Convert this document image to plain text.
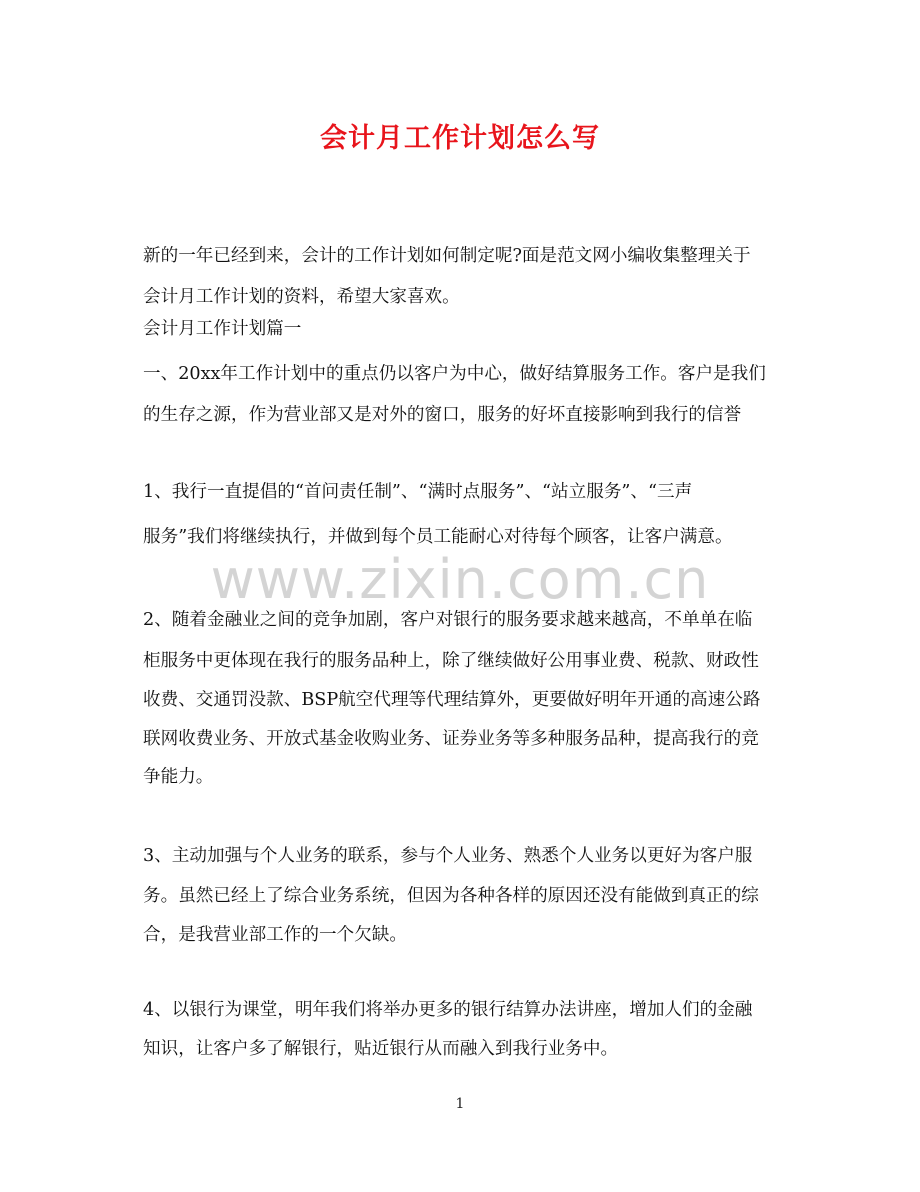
会计月工作计划怎么写
新的一年已经到来，会计的工作计划如何制定呢?面是范文网小编收集整理关于
会计月工作计划的资料，希望大家喜欢。
会计月工作计划篇一
一、20xx年工作计划中的重点仍以客户为中心，做好结算服务工作。客户是我们
的生存之源，作为营业部又是对外的窗口，服务的好坏直接影响到我行的信誉
1、我行一直提倡的“首问责任制”、“满时点服务”、“站立服务”、“三声
服务”我们将继续执行，并做到每个员工能耐心对待每个顾客，让客户满意。
www.zixin.com.cn
2、随着金融业之间的竞争加剧，客户对银行的服务要求越来越高，不单单在临
柜服务中更体现在我行的服务品种上，除了继续做好公用事业费、税款、财政性
收费、交通罚没款、BSP航空代理等代理结算外，更要做好明年开通的高速公路
联网收费业务、开放式基金收购业务、证券业务等多种服务品种，提高我行的竞
争能力。
3、主动加强与个人业务的联系，参与个人业务、熟悉个人业务以更好为客户服
务。虽然已经上了综合业务系统，但因为各种各样的原因还没有能做到真正的综
合，是我营业部工作的一个欠缺。
4、以银行为课堂，明年我们将举办更多的银行结算办法讲座，增加人们的金融
知识，让客户多了解银行，贴近银行从而融入到我行业务中。
1
